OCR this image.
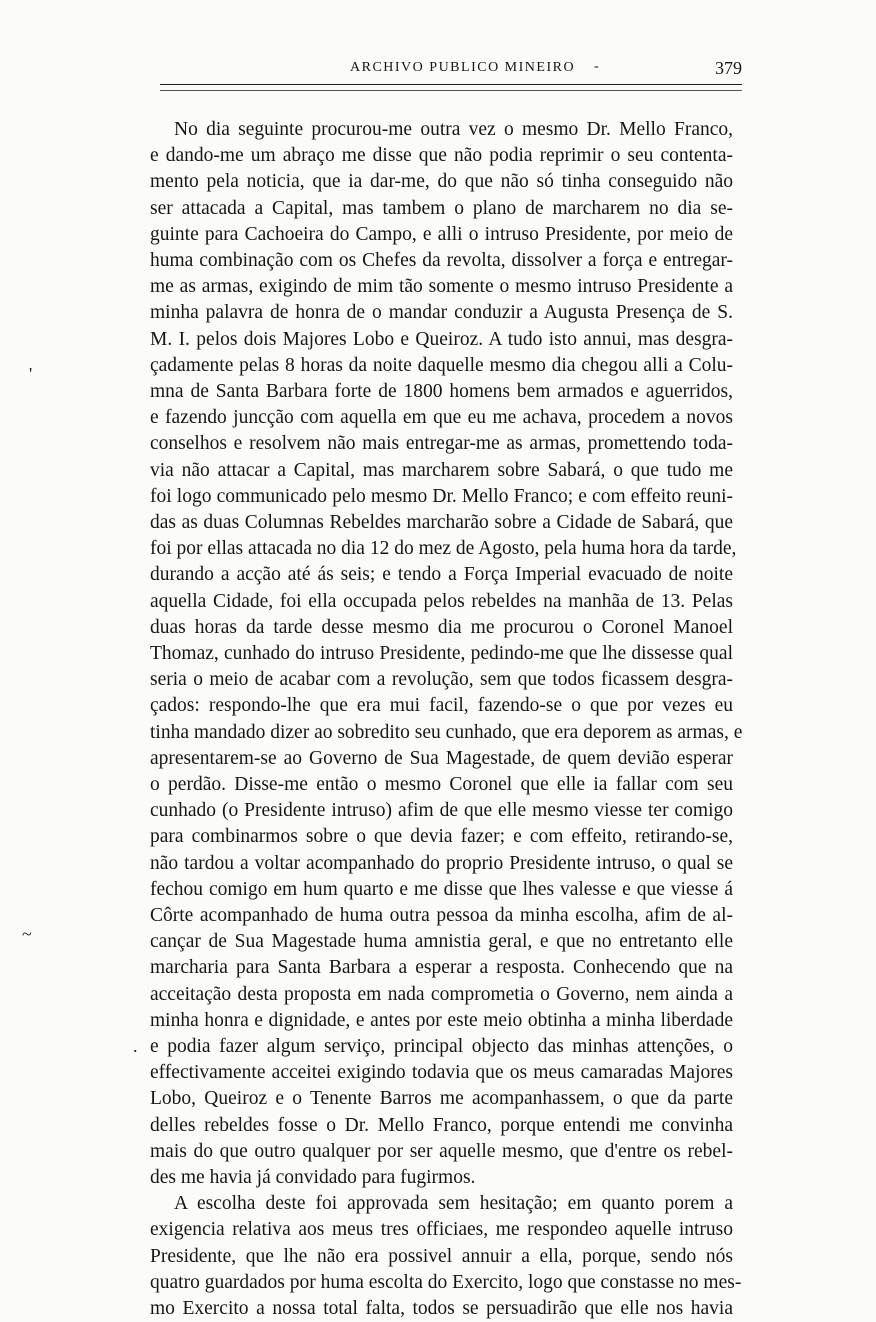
ARCHIVO PUBLICO MINEIRO -	379
'
~
.
No dia seguinte procurou-me outra vez o mesmo Dr. Mello Franco,
e dando-me um abraço me disse que não podia reprimir o seu contenta-
mento pela noticia, que ia dar-me, do que não só tinha conseguido não
ser attacada a Capital, mas tambem o plano de marcharem no dia se-
guinte para Cachoeira do Campo, e alli o intruso Presidente, por meio de
huma combinação com os Chefes da revolta, dissolver a força e entregar-
me as armas, exigindo de mim tão somente o mesmo intruso Presidente a
minha palavra de honra de o mandar conduzir a Augusta Presença de S.
M. I. pelos dois Majores Lobo e Queiroz. A tudo isto annui, mas desgra-
çadamente pelas 8 horas da noite daquelle mesmo dia chegou alli a Colu-
mna de Santa Barbara forte de 1800 homens bem armados e aguerridos,
e fazendo juncção com aquella em que eu me achava, procedem a novos
conselhos e resolvem não mais entregar-me as armas, promettendo toda-
via não attacar a Capital, mas marcharem sobre Sabará, o que tudo me
foi logo communicado pelo mesmo Dr. Mello Franco; e com effeito reuni-
das as duas Columnas Rebeldes marcharão sobre a Cidade de Sabará, que
foi por ellas attacada no dia 12 do mez de Agosto, pela huma hora da tarde,
durando a acção até ás seis; e tendo a Força Imperial evacuado de noite
aquella Cidade, foi ella occupada pelos rebeldes na manhãa de 13. Pelas
duas horas da tarde desse mesmo dia me procurou o Coronel Manoel
Thomaz, cunhado do intruso Presidente, pedindo-me que lhe dissesse qual
seria o meio de acabar com a revolução, sem que todos ficassem desgra-
çados: respondo-lhe que era mui facil, fazendo-se o que por vezes eu
tinha mandado dizer ao sobredito seu cunhado, que era deporem as armas, e
apresentarem-se ao Governo de Sua Magestade, de quem devião esperar
o perdão. Disse-me então o mesmo Coronel que elle ia fallar com seu
cunhado (o Presidente intruso) afim de que elle mesmo viesse ter comigo
para combinarmos sobre o que devia fazer; e com effeito, retirando-se,
não tardou a voltar acompanhado do proprio Presidente intruso, o qual se
fechou comigo em hum quarto e me disse que lhes valesse e que viesse á
Côrte acompanhado de huma outra pessoa da minha escolha, afim de al-
cançar de Sua Magestade huma amnistia geral, e que no entretanto elle
marcharia para Santa Barbara a esperar a resposta. Conhecendo que na
acceitação desta proposta em nada comprometia o Governo, nem ainda a
minha honra e dignidade, e antes por este meio obtinha a minha liberdade
e podia fazer algum serviço, principal objecto das minhas attenções, o
effectivamente acceitei exigindo todavia que os meus camaradas Majores
Lobo, Queiroz e o Tenente Barros me acompanhassem, o que da parte
delles rebeldes fosse o Dr. Mello Franco, porque entendi me convinha
mais do que outro qualquer por ser aquelle mesmo, que d'entre os rebel-
des me havia já convidado para fugirmos.
A escolha deste foi approvada sem hesitação; em quanto porem a
exigencia relativa aos meus tres officiaes, me respondeo aquelle intruso
Presidente, que lhe não era possivel annuir a ella, porque, sendo nós
quatro guardados por huma escolta do Exercito, logo que constasse no mes-
mo Exercito a nossa total falta, todos se persuadirão que elle nos havia
